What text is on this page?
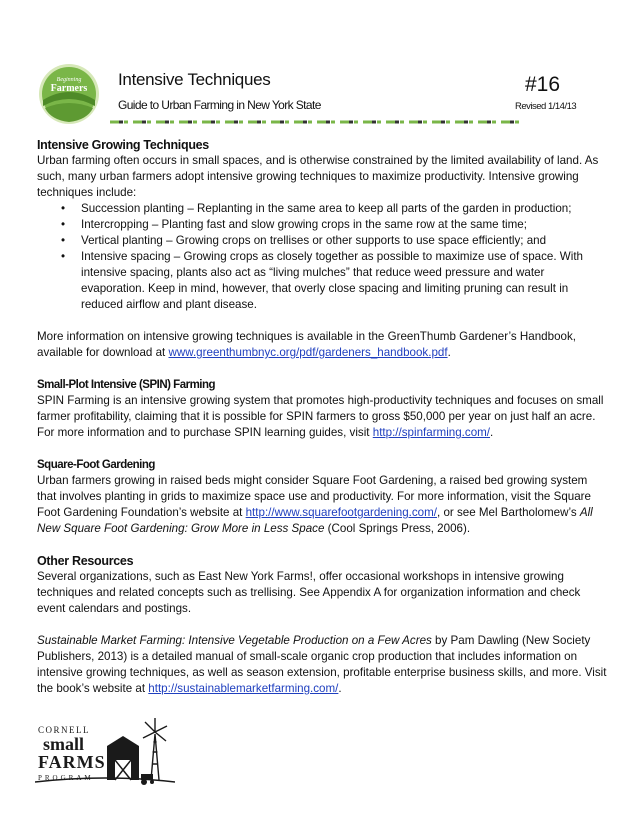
Beginning
Farmers Intensive Techniques
Guide to Urban Farming in New York State
#16
Revised 1/14/13
Intensive Growing Techniques

Urban farming often occurs in small spaces, and is otherwise constrained by the limited availability of land. As such, many urban farmers adopt intensive growing techniques to maximize productivity. Intensive growing techniques include:

• Succession planting – Replanting in the same area to keep all parts of the garden in production;
• Intercropping – Planting fast and slow growing crops in the same row at the same time;
• Vertical planting – Growing crops on trellises or other supports to use space efficiently; and
• Intensive spacing – Growing crops as closely together as possible to maximize use of space. With intensive spacing, plants also act as “living mulches” that reduce weed pressure and water evaporation. Keep in mind, however, that overly close spacing and limiting pruning can result in reduced airflow and plant disease.

More information on intensive growing techniques is available in the GreenThumb Gardener’s Handbook, available for download at www.greenthumbnyc.org/pdf/gardeners_handbook.pdf.

Small-Plot Intensive (SPIN) Farming

SPIN Farming is an intensive growing system that promotes high-productivity techniques and focuses on small farmer profitability, claiming that it is possible for SPIN farmers to gross $50,000 per year on just half an acre. For more information and to purchase SPIN learning guides, visit http://spinfarming.com/.

Square-Foot Gardening

Urban farmers growing in raised beds might consider Square Foot Gardening, a raised bed growing system that involves planting in grids to maximize space use and productivity. For more information, visit the Square Foot Gardening Foundation’s website at http://www.squarefootgardening.com/, or see Mel Bartholomew’s All New Square Foot Gardening: Grow More in Less Space (Cool Springs Press, 2006).

Other Resources

Several organizations, such as East New York Farms!, offer occasional workshops in intensive growing techniques and related concepts such as trellising. See Appendix A for organization information and check event calendars and postings.

Sustainable Market Farming: Intensive Vegetable Production on a Few Acres by Pam Dawling (New Society Publishers, 2013) is a detailed manual of small-scale organic crop production that includes information on intensive growing techniques, as well as season extension, profitable enterprise business skills, and more. Visit the book’s website at http://sustainablemarketfarming.com/.

CORNELL
small
FARMS
PROGRAM
